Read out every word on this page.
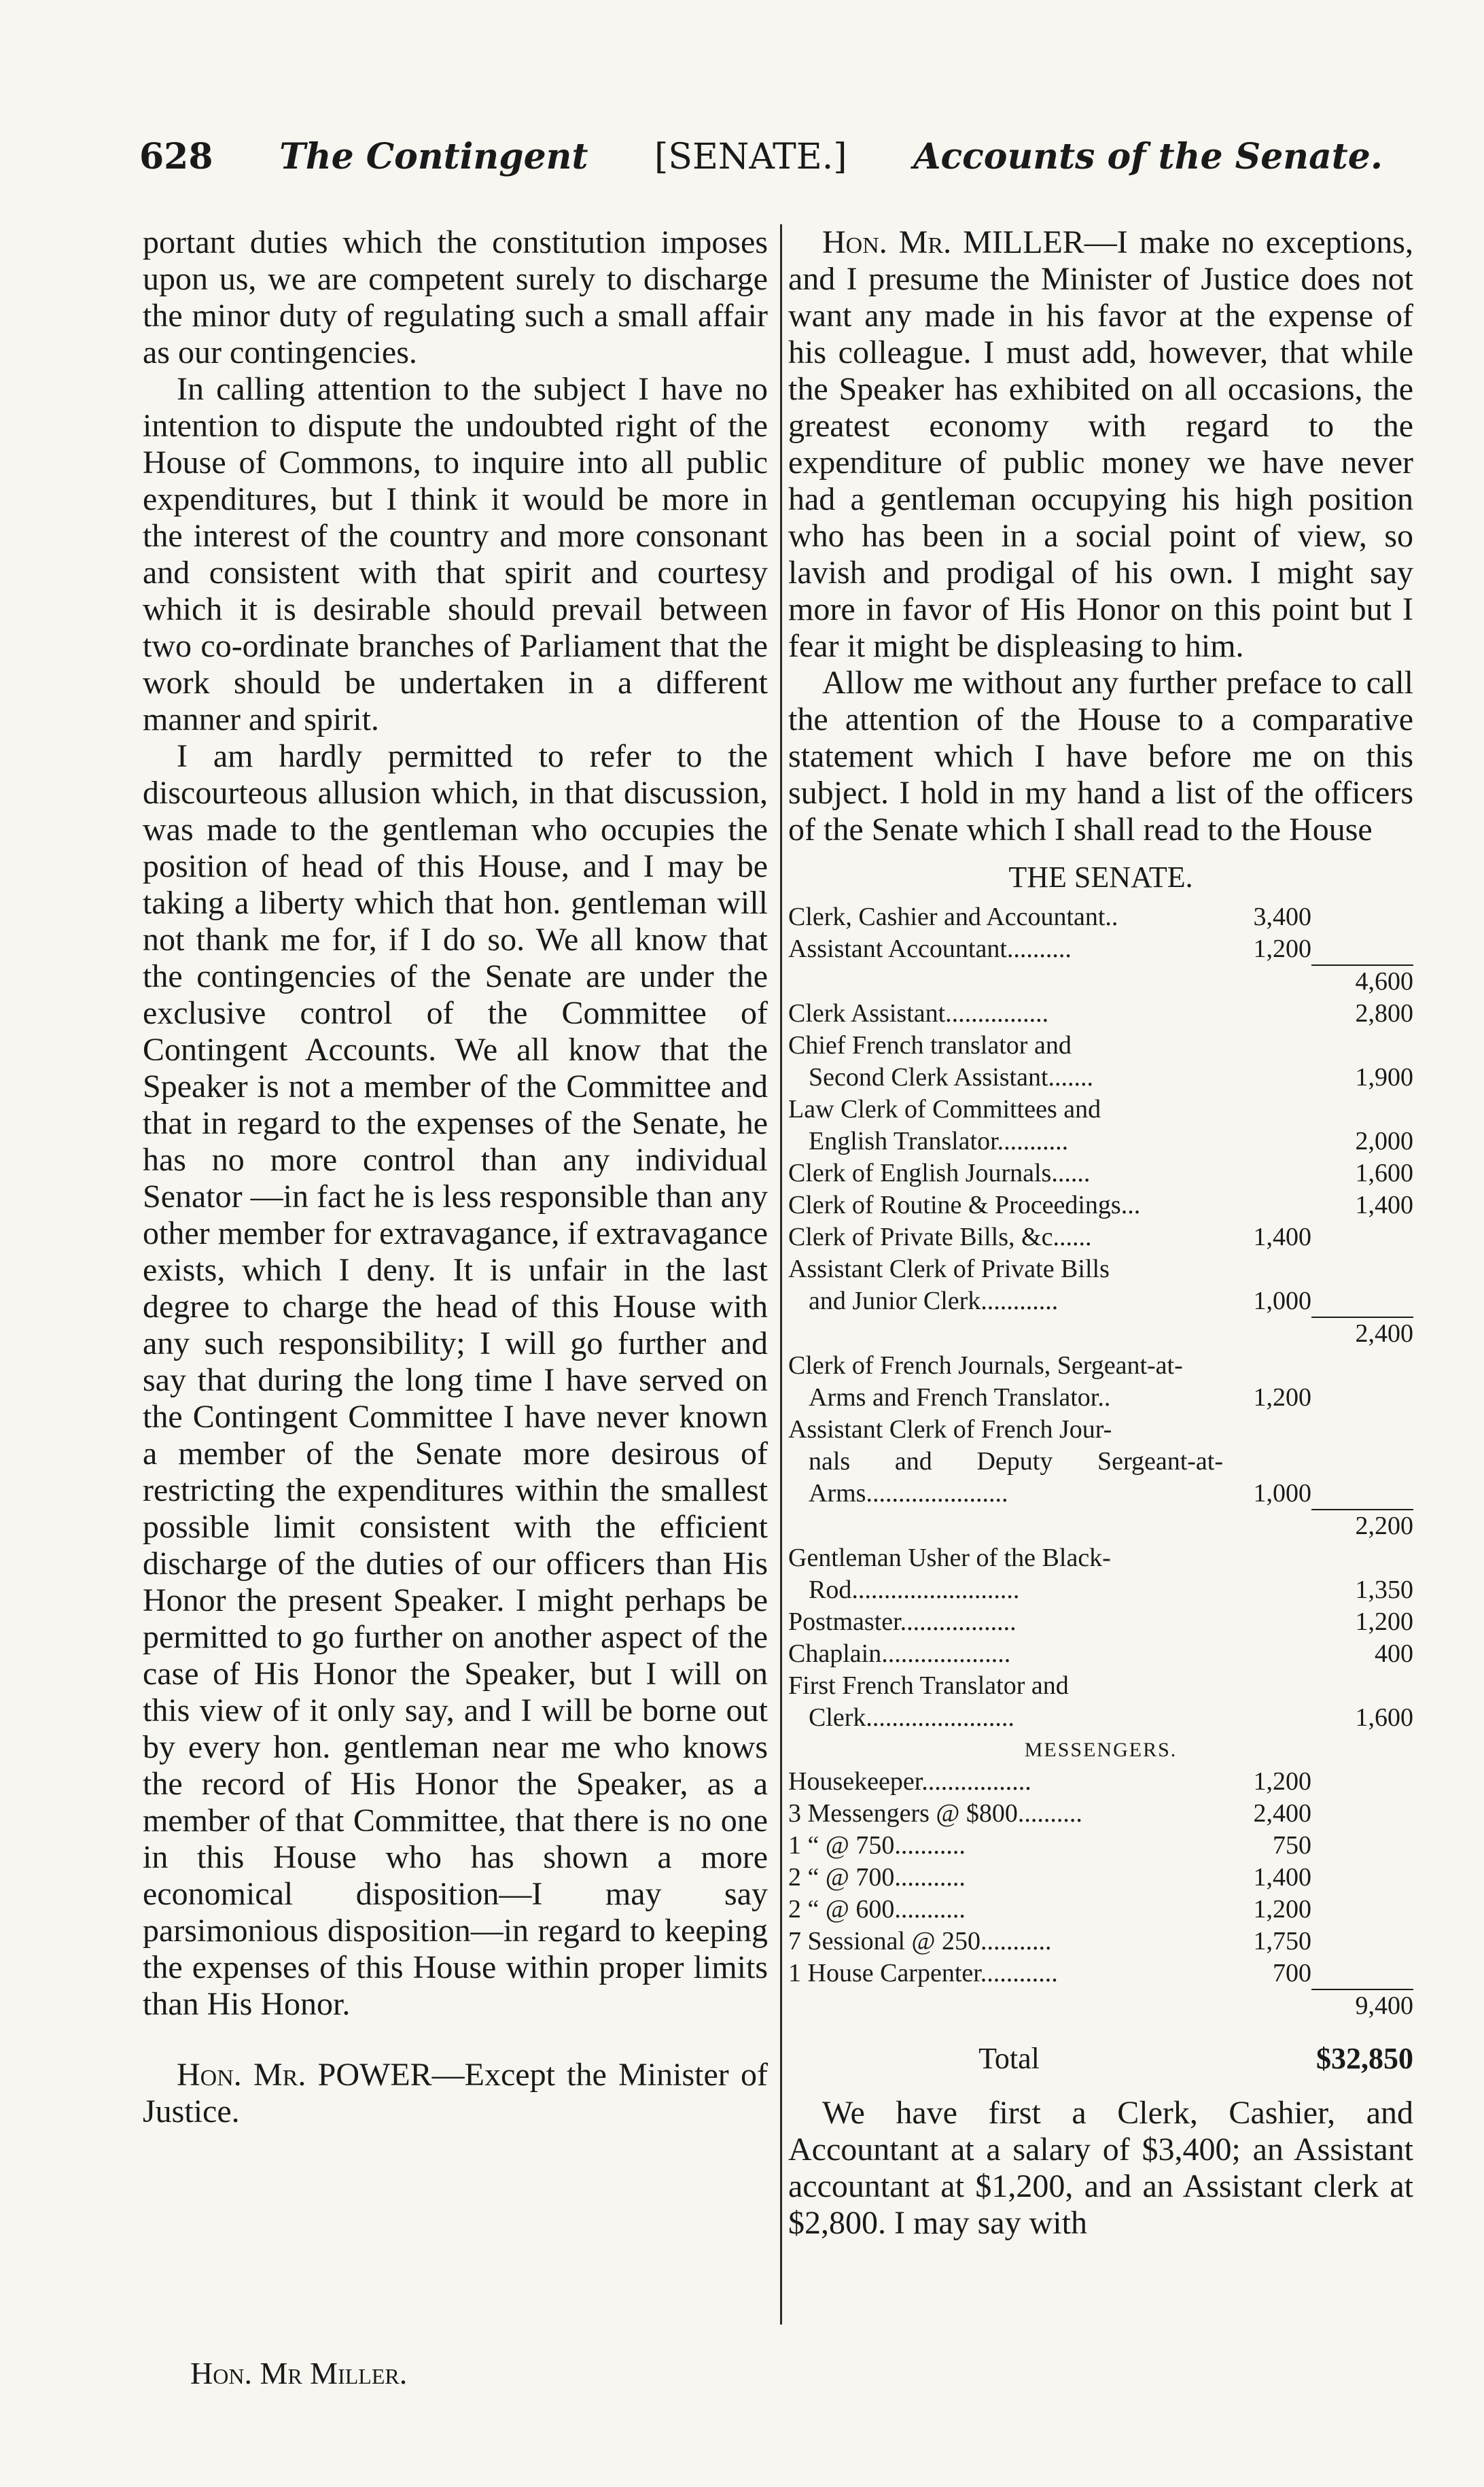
628 The Contingent [SENATE.] Accounts of the Senate.

portant duties which the constitution imposes upon us, we are competent surely to discharge the minor duty of regulating such a small affair as our contingencies.

In calling attention to the subject I have no intention to dispute the undoubted right of the House of Commons, to inquire into all public expenditures, but I think it would be more in the interest of the country and more consonant and consistent with that spirit and courtesy which it is desirable should prevail between two co-ordinate branches of Parliament that the work should be undertaken in a different manner and spirit.

I am hardly permitted to refer to the discourteous allusion which, in that discussion, was made to the gentleman who occupies the position of head of this House, and I may be taking a liberty which that hon. gentleman will not thank me for, if I do so. We all know that the contingencies of the Senate are under the exclusive control of the Committee of Contingent Accounts. We all know that the Speaker is not a member of the Committee and that in regard to the expenses of the Senate, he has no more control than any individual Senator —in fact he is less responsible than any other member for extravagance, if extravagance exists, which I deny. It is unfair in the last degree to charge the head of this House with any such responsibility; I will go further and say that during the long time I have served on the Contingent Committee I have never known a member of the Senate more desirous of restricting the expenditures within the smallest possible limit consistent with the efficient discharge of the duties of our officers than His Honor the present Speaker. I might perhaps be permitted to go further on another aspect of the case of His Honor the Speaker, but I will on this view of it only say, and I will be borne out by every hon. gentleman near me who knows the record of His Honor the Speaker, as a member of that Committee, that there is no one in this House who has shown a more economical disposition—I may say parsimonious disposition—in regard to keeping the expenses of this House within proper limits than His Honor.

Hon. Mr. POWER—Except the Minister of Justice.

Hon. Mr. MILLER—I make no exceptions, and I presume the Minister of Justice does not want any made in his favor at the expense of his colleague. I must add, however, that while the Speaker has exhibited on all occasions, the greatest economy with regard to the expenditure of public money we have never had a gentleman occupying his high position who has been in a social point of view, so lavish and prodigal of his own. I might say more in favor of His Honor on this point but I fear it might be displeasing to him.

Allow me without any further preface to call the attention of the House to a comparative statement which I have before me on this subject. I hold in my hand a list of the officers of the Senate which I shall read to the House

THE SENATE.
Clerk, Cashier and Accountant..	3,400	
Assistant Accountant..........	1,200	
		4,600
Clerk Assistant................		2,800
Chief French translator and
Second Clerk Assistant.......		1,900
Law Clerk of Committees and
English Translator...........		2,000
Clerk of English Journals......		1,600
Clerk of Routine & Proceedings...		1,400
Clerk of Private Bills, &c......	1,400	
Assistant Clerk of Private Bills
and Junior Clerk............	1,000	
		2,400
Clerk of French Journals, Sergeant-at-
Arms and French Translator..	1,200	
Assistant Clerk of French Jour-
nals and Deputy Sergeant-at-Arms......................	1,000	
		2,200
Gentleman Usher of the Black-
Rod..........................		1,350
Postmaster..................		1,200
Chaplain....................		400
First French Translator and
Clerk.......................		1,600
MESSENGERS.		
Housekeeper.................	1,200	
3 Messengers @ $800..........	2,400	
1 “ @ 750...........	750	
2 “ @ 700...........	1,400	
2 “ @ 600...........	1,200	
7 Sessional @ 250...........	1,750	
1 House Carpenter............	700	
		9,400
Total		$32,850

We have first a Clerk, Cashier, and Accountant at a salary of $3,400; an Assistant accountant at $1,200, and an Assistant clerk at $2,800. I may say with

Hon. Mr Miller.
